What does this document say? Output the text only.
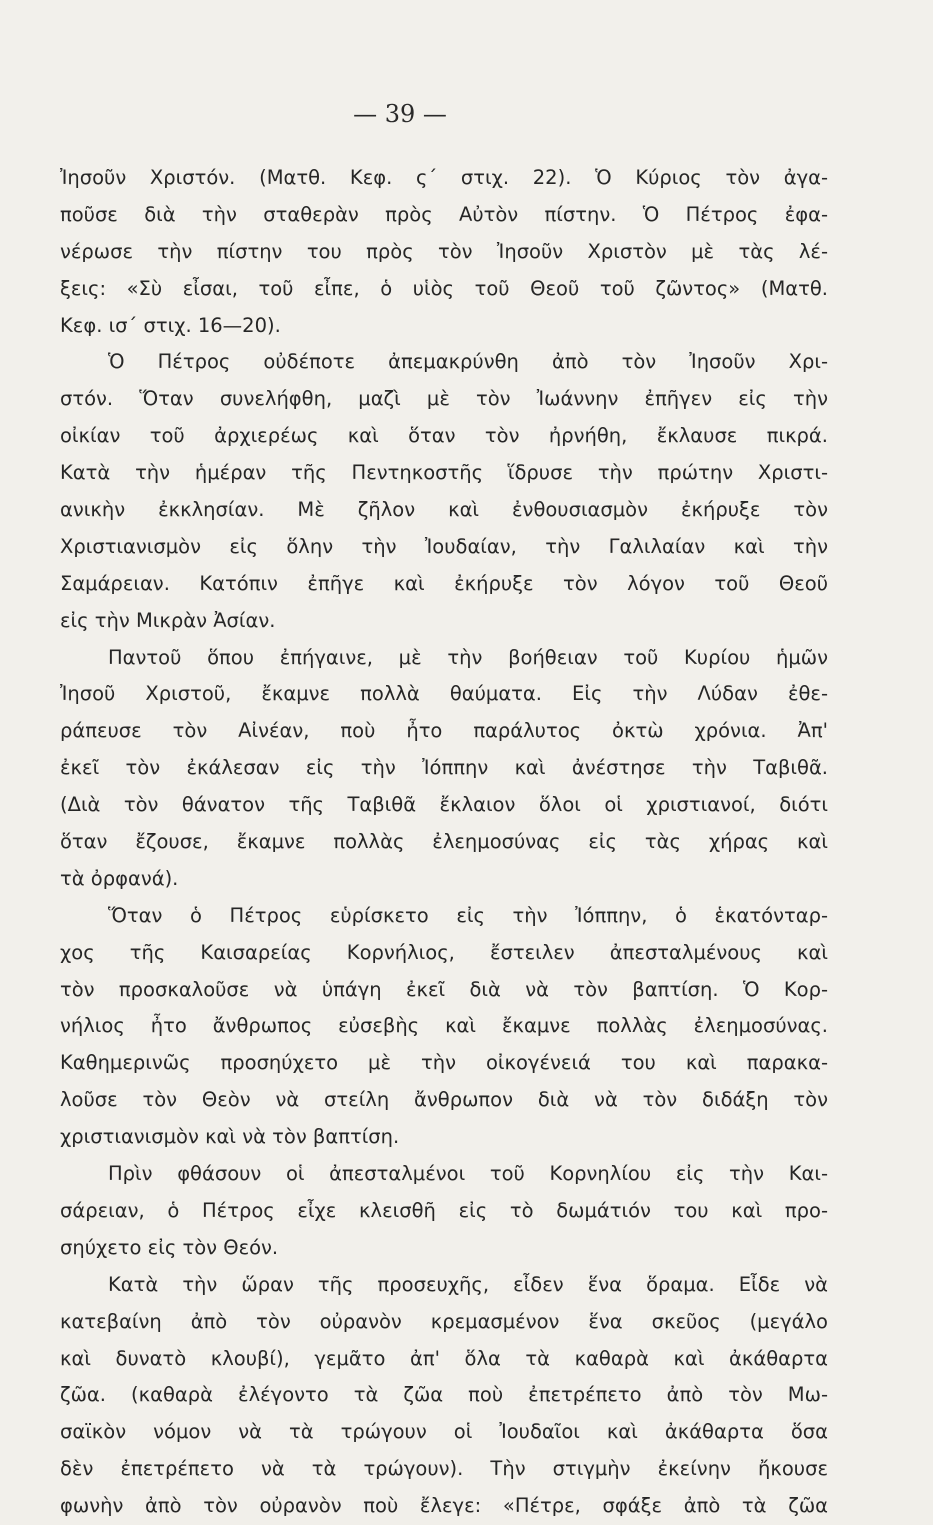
— 39 —
Ἰησοῦν Χριστόν. (Ματθ. Κεφ. ς΄ στιχ. 22). Ὁ Κύριος τὸν ἀγα-
ποῦσε διὰ τὴν σταθερὰν πρὸς Αὐτὸν πίστην. Ὁ Πέτρος ἐφα-
νέρωσε τὴν πίστην του πρὸς τὸν Ἰησοῦν Χριστὸν μὲ τὰς λέ-
ξεις: «Σὺ εἶσαι, τοῦ εἶπε, ὁ υἱὸς τοῦ Θεοῦ τοῦ ζῶντος» (Ματθ.
Κεφ. ισ΄ στιχ. 16—20).
Ὁ Πέτρος οὐδέποτε ἀπεμακρύνθη ἀπὸ τὸν Ἰησοῦν Χρι-
στόν. Ὅταν συνελήφθη, μαζὶ μὲ τὸν Ἰωάννην ἐπῆγεν εἰς τὴν
οἰκίαν τοῦ ἀρχιερέως καὶ ὅταν τὸν ἠρνήθη, ἔκλαυσε πικρά.
Κατὰ τὴν ἡμέραν τῆς Πεντηκοστῆς ἵδρυσε τὴν πρώτην Χριστι-
ανικὴν ἐκκλησίαν. Μὲ ζῆλον καὶ ἐνθουσιασμὸν ἐκήρυξε τὸν
Χριστιανισμὸν εἰς ὅλην τὴν Ἰουδαίαν, τὴν Γαλιλαίαν καὶ τὴν
Σαμάρειαν. Κατόπιν ἐπῆγε καὶ ἐκήρυξε τὸν λόγον τοῦ Θεοῦ
εἰς τὴν Μικρὰν Ἀσίαν.
Παντοῦ ὅπου ἐπήγαινε, μὲ τὴν βοήθειαν τοῦ Κυρίου ἡμῶν
Ἰησοῦ Χριστοῦ, ἔκαμνε πολλὰ θαύματα. Εἰς τὴν Λύδαν ἐθε-
ράπευσε τὸν Αἰνέαν, ποὺ ἦτο παράλυτος ὀκτὼ χρόνια. Ἀπ'
ἐκεῖ τὸν ἐκάλεσαν εἰς τὴν Ἰόππην καὶ ἀνέστησε τὴν Ταβιθᾶ.
(Διὰ τὸν θάνατον τῆς Ταβιθᾶ ἔκλαιον ὅλοι οἱ χριστιανοί, διότι
ὅταν ἔζουσε, ἔκαμνε πολλὰς ἐλεημοσύνας εἰς τὰς χήρας καὶ
τὰ ὀρφανά).
Ὅταν ὁ Πέτρος εὑρίσκετο εἰς τὴν Ἰόππην, ὁ ἑκατόνταρ-
χος τῆς Καισαρείας Κορνήλιος, ἔστειλεν ἀπεσταλμένους καὶ
τὸν προσκαλοῦσε νὰ ὑπάγη ἐκεῖ διὰ νὰ τὸν βαπτίση. Ὁ Κορ-
νήλιος ἦτο ἄνθρωπος εὐσεβὴς καὶ ἔκαμνε πολλὰς ἐλεημοσύνας.
Καθημερινῶς προσηύχετο μὲ τὴν οἰκογένειά του καὶ παρακα-
λοῦσε τὸν Θεὸν νὰ στείλη ἄνθρωπον διὰ νὰ τὸν διδάξη τὸν
χριστιανισμὸν καὶ νὰ τὸν βαπτίση.
Πρὶν φθάσουν οἱ ἀπεσταλμένοι τοῦ Κορνηλίου εἰς τὴν Και-
σάρειαν, ὁ Πέτρος εἶχε κλεισθῆ εἰς τὸ δωμάτιόν του καὶ προ-
σηύχετο εἰς τὸν Θεόν.
Κατὰ τὴν ὥραν τῆς προσευχῆς, εἶδεν ἕνα ὅραμα. Εἶδε νὰ
κατεβαίνη ἀπὸ τὸν οὐρανὸν κρεμασμένον ἕνα σκεῦος (μεγάλο
καὶ δυνατὸ κλουβί), γεμᾶτο ἀπ' ὅλα τὰ καθαρὰ καὶ ἀκάθαρτα
ζῶα. (καθαρὰ ἐλέγοντο τὰ ζῶα ποὺ ἐπετρέπετο ἀπὸ τὸν Μω-
σαϊκὸν νόμον νὰ τὰ τρώγουν οἱ Ἰουδαῖοι καὶ ἀκάθαρτα ὅσα
δὲν ἐπετρέπετο νὰ τὰ τρώγουν). Τὴν στιγμὴν ἐκείνην ἤκουσε
φωνὴν ἀπὸ τὸν οὐρανὸν ποὺ ἔλεγε: «Πέτρε, σφάξε ἀπὸ τὰ ζῶα
